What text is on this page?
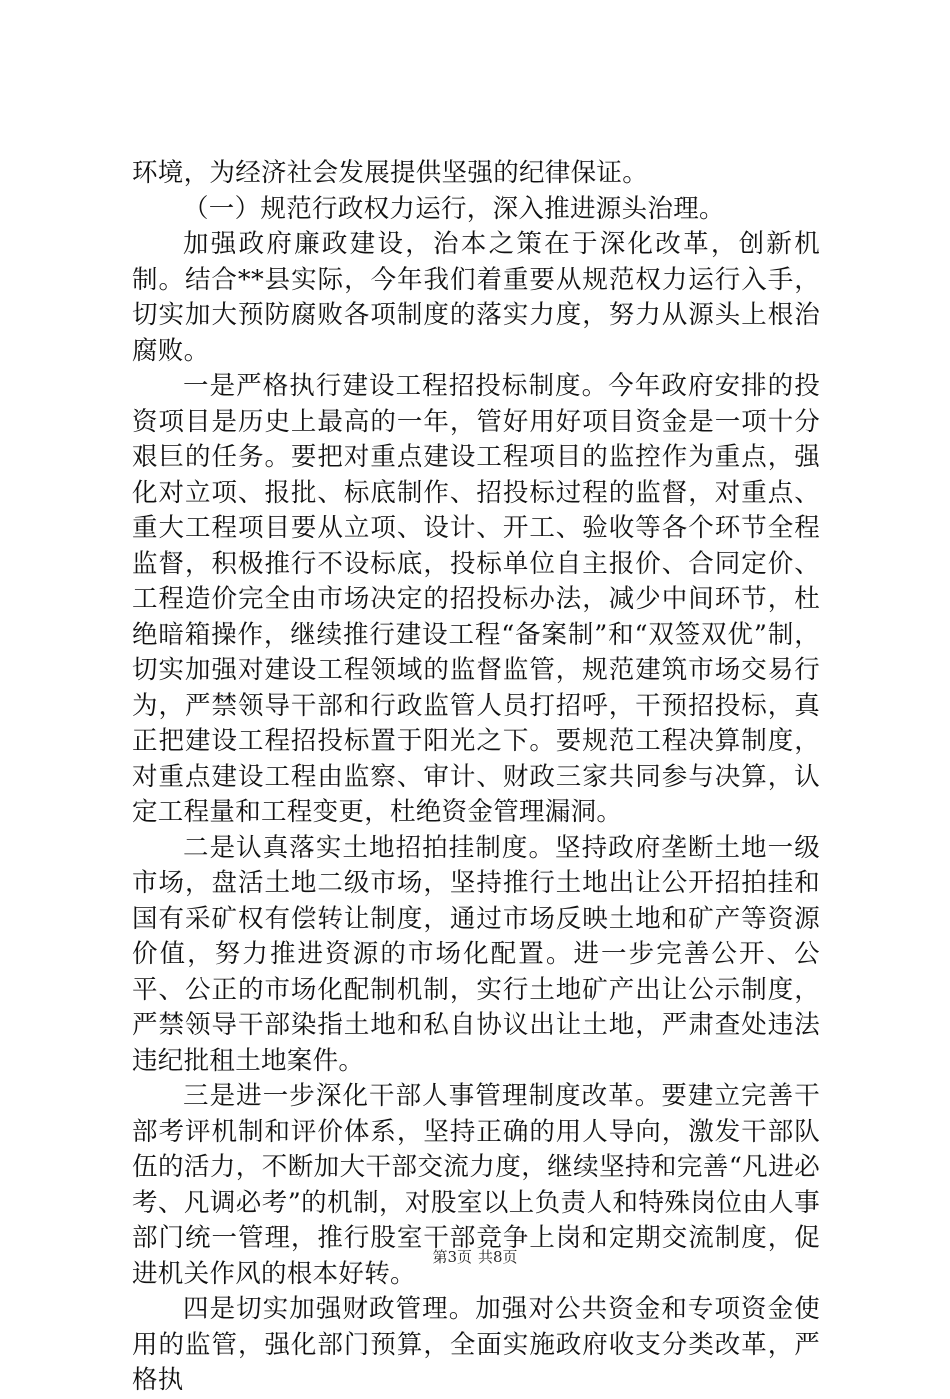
环境，为经济社会发展提供坚强的纪律保证。

（一）规范行政权力运行，深入推进源头治理。

加强政府廉政建设，治本之策在于深化改革，创新机制。结合**县实际，今年我们着重要从规范权力运行入手，切实加大预防腐败各项制度的落实力度，努力从源头上根治腐败。

一是严格执行建设工程招投标制度。今年政府安排的投资项目是历史上最高的一年，管好用好项目资金是一项十分艰巨的任务。要把对重点建设工程项目的监控作为重点，强化对立项、报批、标底制作、招投标过程的监督，对重点、重大工程项目要从立项、设计、开工、验收等各个环节全程监督，积极推行不设标底，投标单位自主报价、合同定价、工程造价完全由市场决定的招投标办法，减少中间环节，杜绝暗箱操作，继续推行建设工程“备案制”和“双签双优”制，切实加强对建设工程领域的监督监管，规范建筑市场交易行为，严禁领导干部和行政监管人员打招呼，干预招投标，真正把建设工程招投标置于阳光之下。要规范工程决算制度，对重点建设工程由监察、审计、财政三家共同参与决算，认定工程量和工程变更，杜绝资金管理漏洞。

二是认真落实土地招拍挂制度。坚持政府垄断土地一级市场，盘活土地二级市场，坚持推行土地出让公开招拍挂和国有采矿权有偿转让制度，通过市场反映土地和矿产等资源价值，努力推进资源的市场化配置。进一步完善公开、公平、公正的市场化配制机制，实行土地矿产出让公示制度，严禁领导干部染指土地和私自协议出让土地，严肃查处违法违纪批租土地案件。

三是进一步深化干部人事管理制度改革。要建立完善干部考评机制和评价体系，坚持正确的用人导向，激发干部队伍的活力，不断加大干部交流力度，继续坚持和完善“凡进必考、凡调必考”的机制，对股室以上负责人和特殊岗位由人事部门统一管理，推行股室干部竞争上岗和定期交流制度，促进机关作风的根本好转。

四是切实加强财政管理。加强对公共资金和专项资金使用的监管，强化部门预算，全面实施政府收支分类改革，严格执

第3页 共8页
